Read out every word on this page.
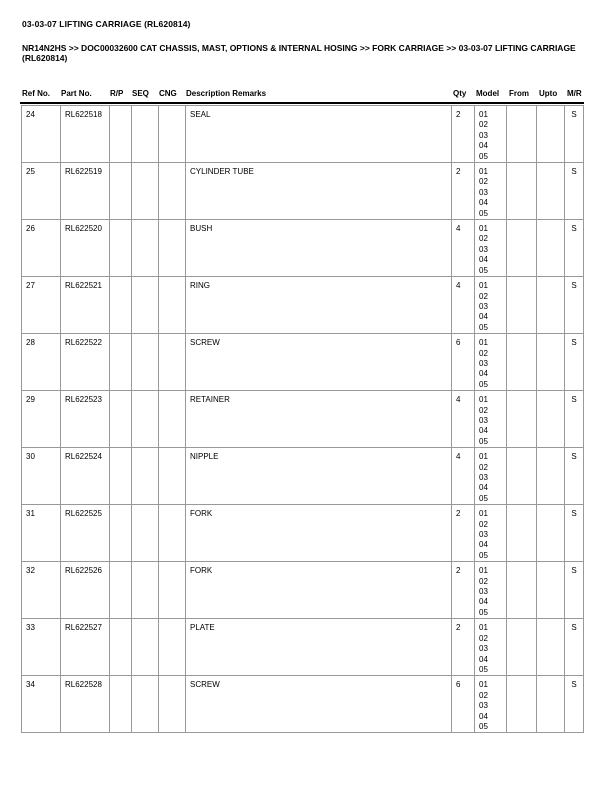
03-03-07 LIFTING CARRIAGE (RL620814)
NR14N2HS >> DOC00032600 CAT CHASSIS, MAST, OPTIONS & INTERNAL HOSING >> FORK CARRIAGE >> 03-03-07 LIFTING CARRIAGE (RL620814)
Ref No. Part No. R/P SEQ CNG Description Remarks	Qty Model From Upto M/R
24	RL622518				SEAL	2	01
02
03
04
05			S
25	RL622519				CYLINDER TUBE	2	01
02
03
04
05			S
26	RL622520				BUSH	4	01
02
03
04
05			S
27	RL622521				RING	4	01
02
03
04
05			S
28	RL622522				SCREW	6	01
02
03
04
05			S
29	RL622523				RETAINER	4	01
02
03
04
05			S
30	RL622524				NIPPLE	4	01
02
03
04
05			S
31	RL622525				FORK	2	01
02
03
04
05			S
32	RL622526				FORK	2	01
02
03
04
05			S
33	RL622527				PLATE	2	01
02
03
04
05			S
34	RL622528				SCREW	6	01
02
03
04
05			S
